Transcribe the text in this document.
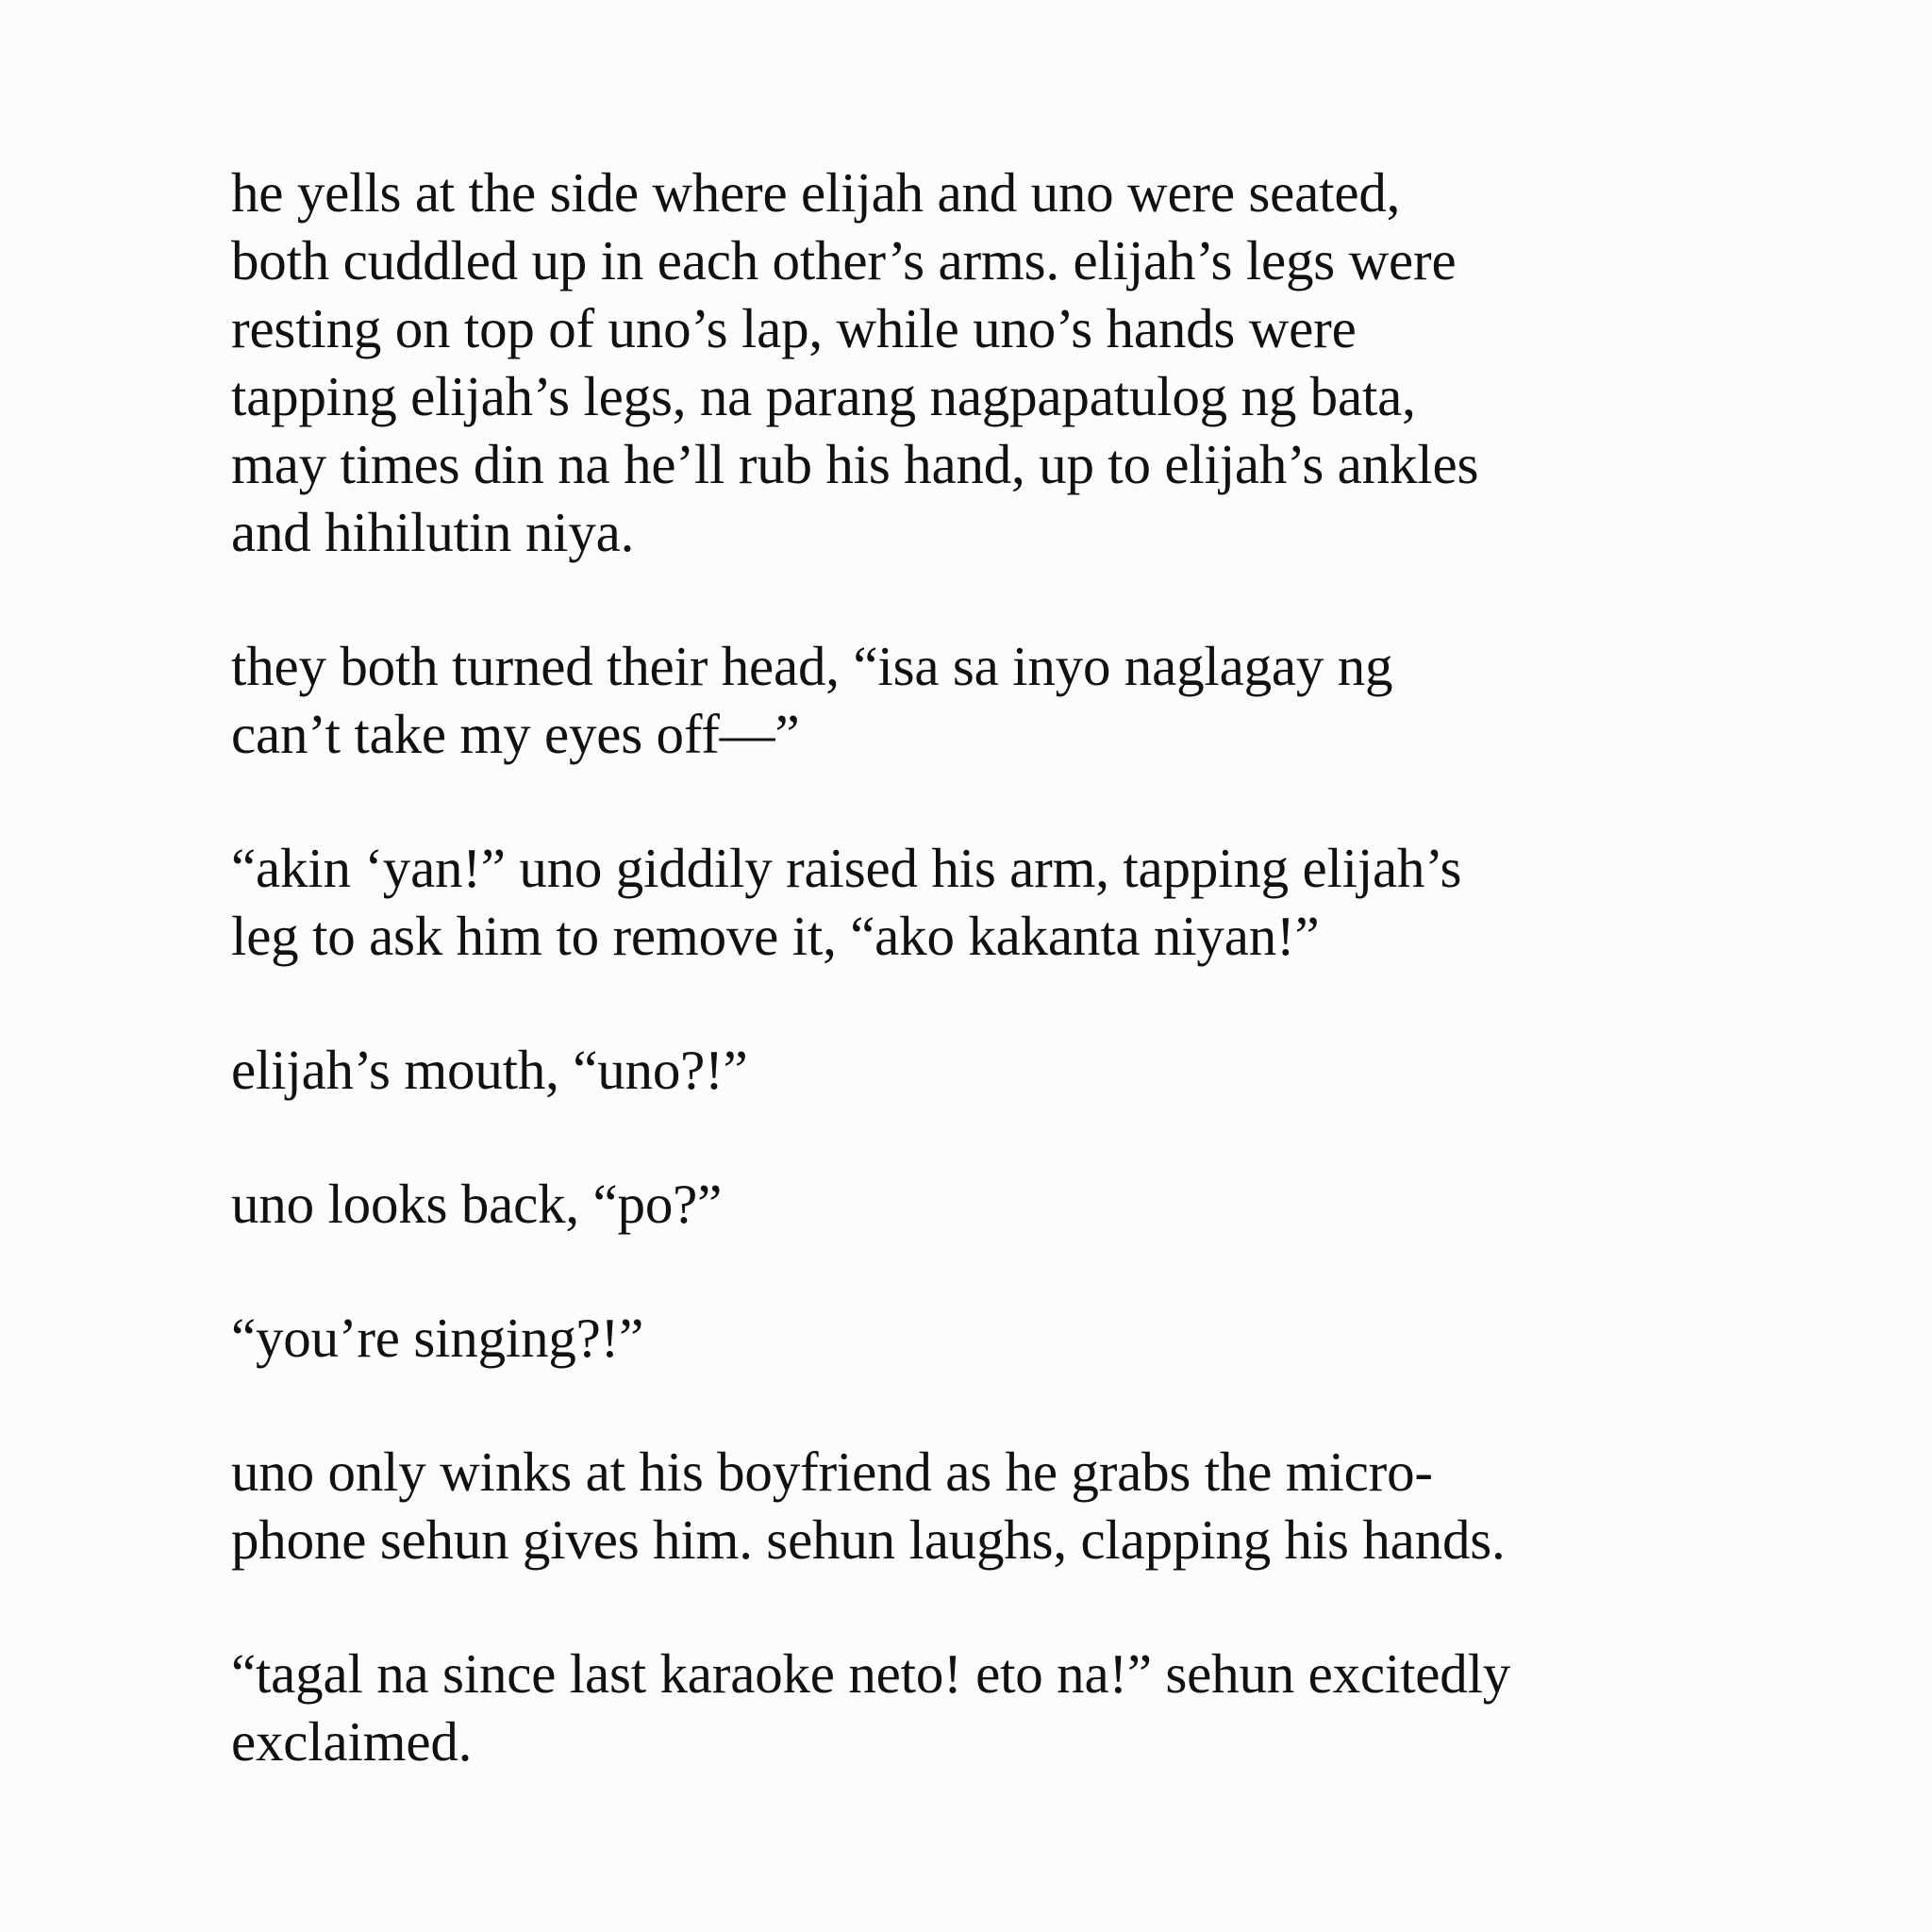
he yells at the side where elijah and uno were seated,
both cuddled up in each other’s arms. elijah’s legs were
resting on top of uno’s lap, while uno’s hands were
tapping elijah’s legs, na parang nagpapatulog ng bata,
may times din na he’ll rub his hand, up to elijah’s ankles
and hihilutin niya.

they both turned their head, “isa sa inyo naglagay ng
can’t take my eyes off—”

“akin ‘yan!” uno giddily raised his arm, tapping elijah’s
leg to ask him to remove it, “ako kakanta niyan!”

elijah’s mouth, “uno?!”

uno looks back, “po?”

“you’re singing?!”

uno only winks at his boyfriend as he grabs the micro-
phone sehun gives him. sehun laughs, clapping his hands.

“tagal na since last karaoke neto! eto na!” sehun excitedly
exclaimed.
